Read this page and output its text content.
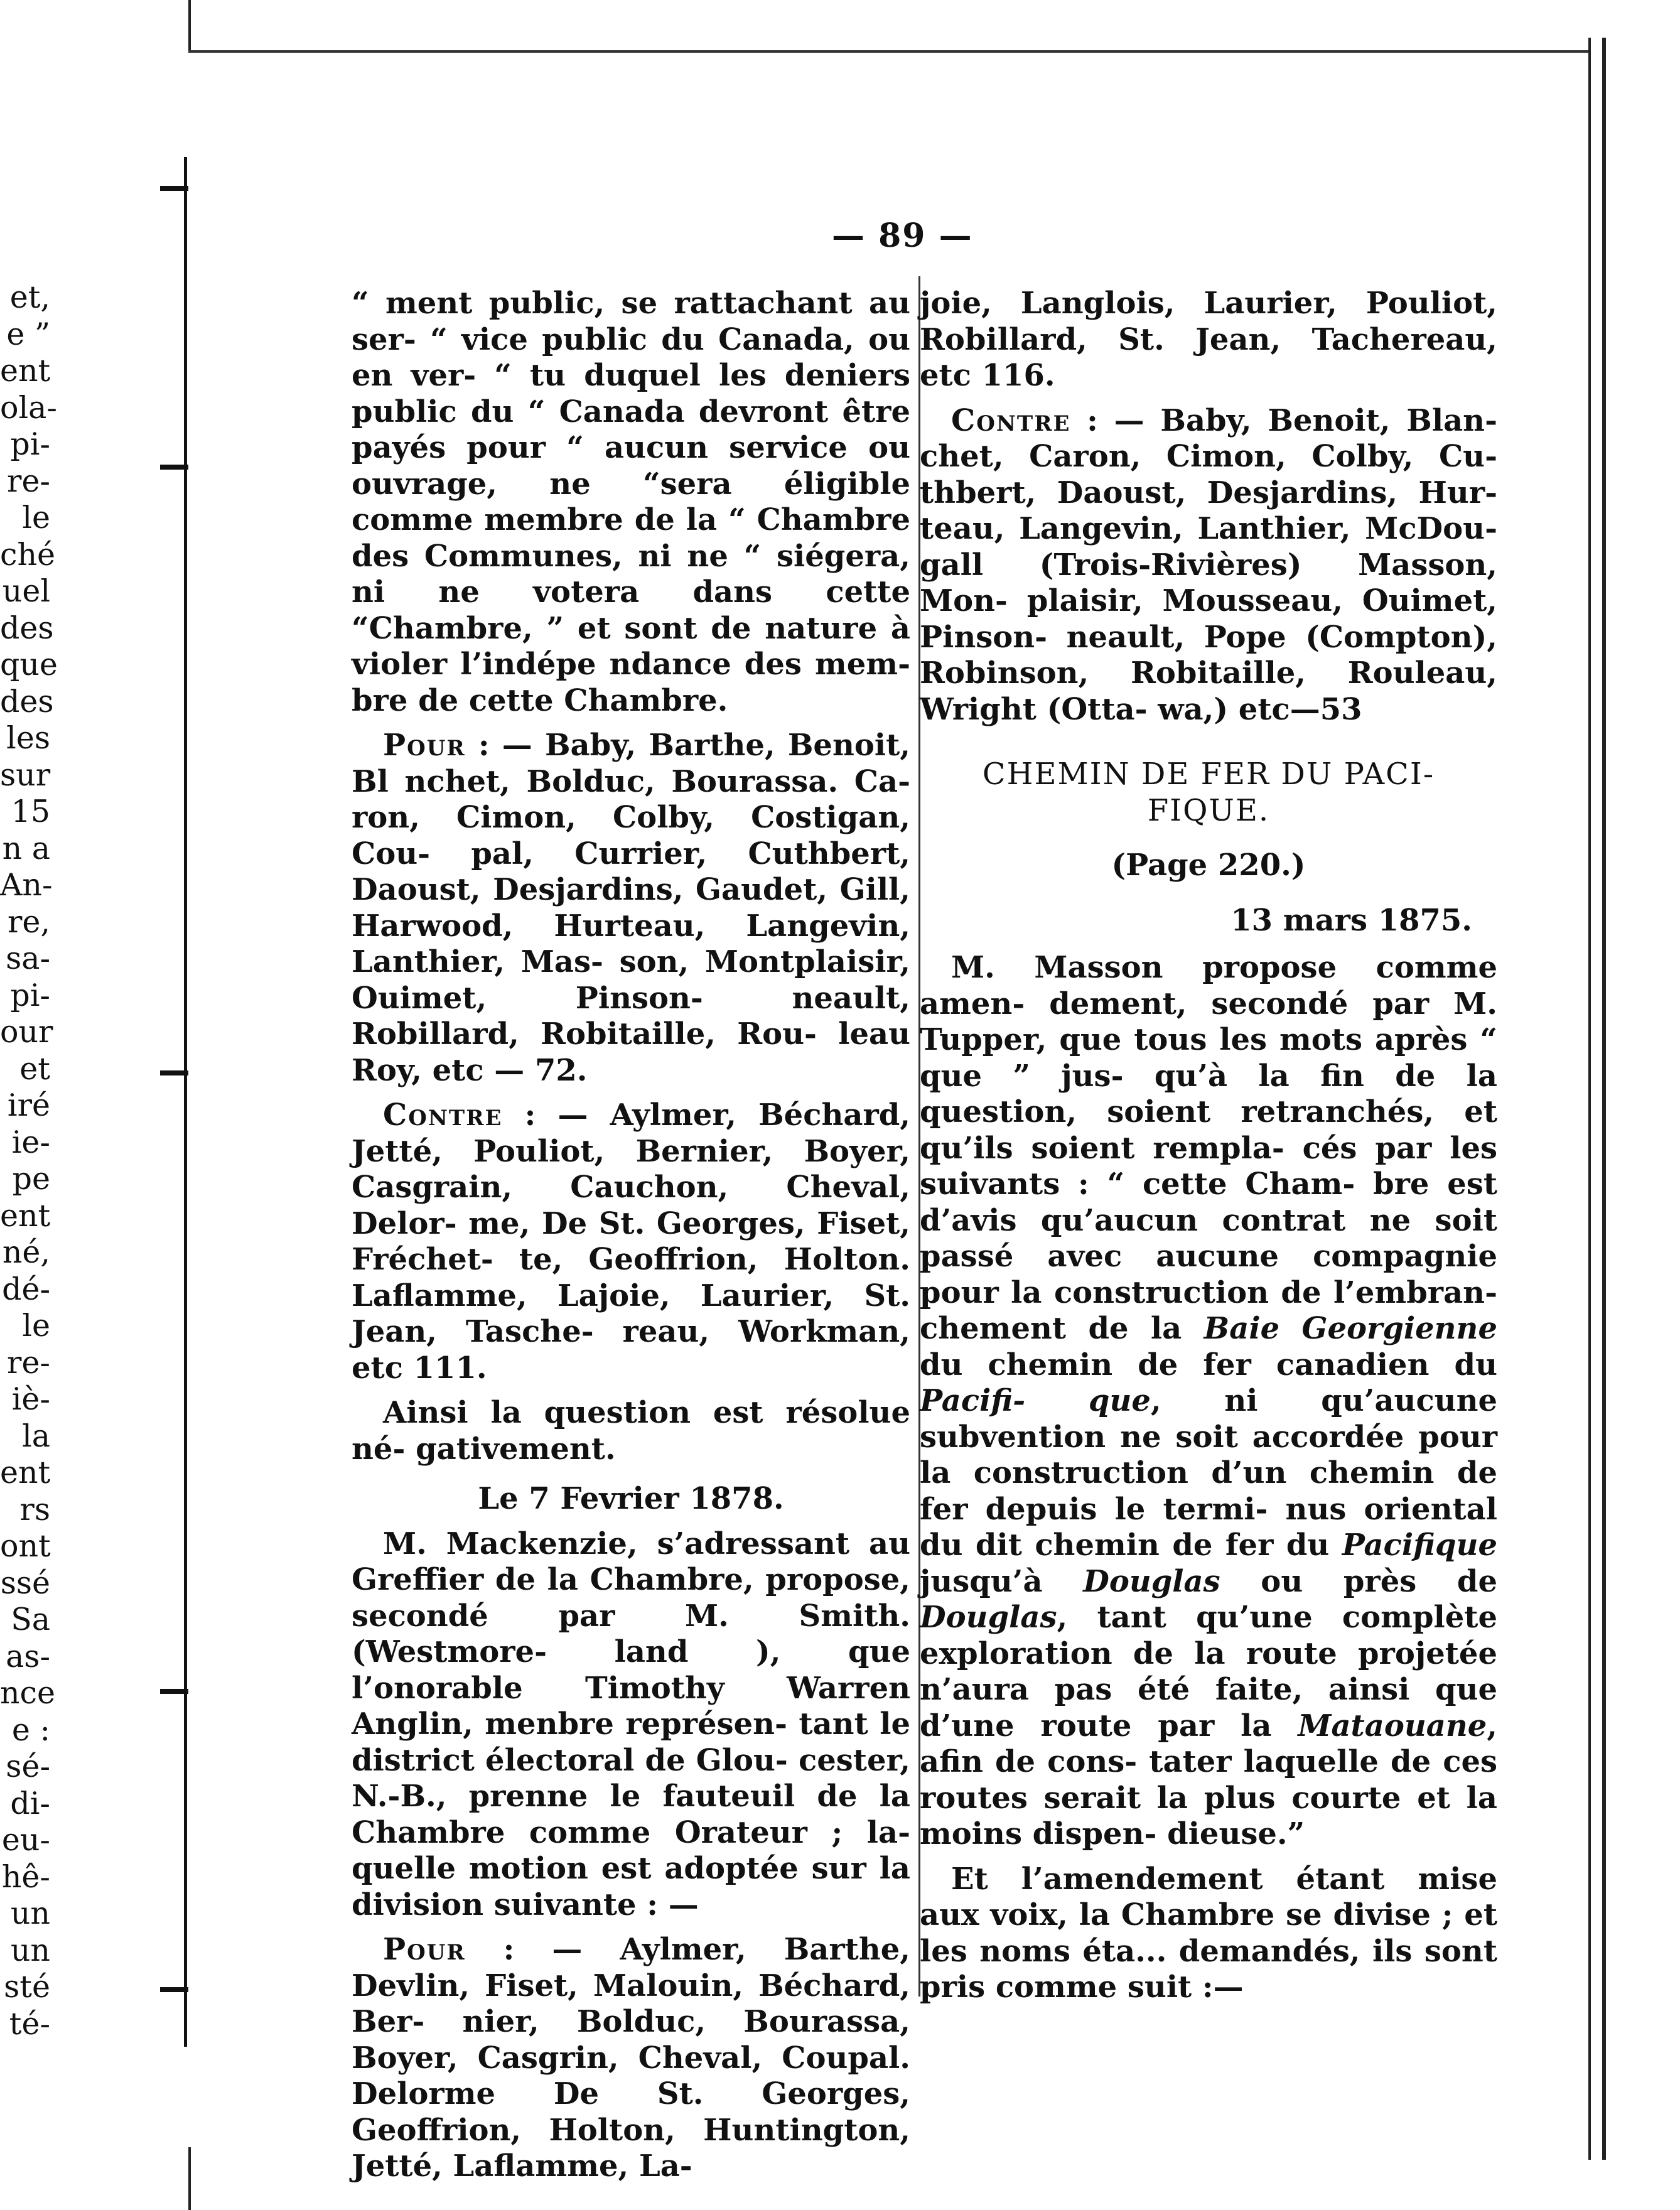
et,
e ”
ent
ola-
pi-
re-
le
ché
uel
des
que
des
les
sur
15
n a
An-
re,
sa-
pi-
our
et
iré
ie-
pe
ent
né,
dé-
le
re-
iè-
la
ent
rs
ont
ssé
Sa
as-
nce
e :
sé-
di-
eu-
hê-
un
un
sté
té-
— 89 —

“ ment public, se rattachant au ser- “ vice public du Canada, ou en ver- “ tu duquel les deniers public du “ Canada devront être payés pour “ aucun service ou ouvrage, ne “sera éligible comme membre de la “ Chambre des Communes, ni ne “ siégera, ni ne votera dans cette “Chambre, ” et sont de nature à violer l’indépe ndance des mem- bre de cette Chambre.

Pour : — Baby, Barthe, Benoit, Bl nchet, Bolduc, Bourassa. Ca- ron, Cimon, Colby, Costigan, Cou- pal, Currier, Cuthbert, Daoust, Desjardins, Gaudet, Gill, Harwood, Hurteau, Langevin, Lanthier, Mas- son, Montplaisir, Ouimet, Pinson- neault, Robillard, Robitaille, Rou- leau Roy, etc — 72.

Contre : — Aylmer, Béchard, Jetté, Pouliot, Bernier, Boyer, Casgrain, Cauchon, Cheval, Delor- me, De St. Georges, Fiset, Fréchet- te, Geoffrion, Holton. Laflamme, Lajoie, Laurier, St. Jean, Tasche- reau, Workman, etc 111.

Ainsi la question est résolue né- gativement.

Le 7 Fevrier 1878.

M. Mackenzie, s’adressant au Greffier de la Chambre, propose, secondé par M. Smith. (Westmore- land ), que l’onorable Timothy Warren Anglin, menbre représen- tant le district électoral de Glou- cester, N.-B., prenne le fauteuil de la Chambre comme Orateur ; la- quelle motion est adoptée sur la division suivante : —

Pour : — Aylmer, Barthe, Devlin, Fiset, Malouin, Béchard, Ber- nier, Bolduc, Bourassa, Boyer, Casgrin, Cheval, Coupal. Delorme De St. Georges, Geoffrion, Holton, Huntington, Jetté, Laflamme, La-

joie, Langlois, Laurier, Pouliot, Robillard, St. Jean, Tachereau, etc 116.

Contre : — Baby, Benoit, Blan- chet, Caron, Cimon, Colby, Cu- thbert, Daoust, Desjardins, Hur- teau, Langevin, Lanthier, McDou- gall (Trois-Rivières) Masson, Mon- plaisir, Mousseau, Ouimet, Pinson- neault, Pope (Compton), Robinson, Robitaille, Rouleau, Wright (Otta- wa,) etc—53

CHEMIN DE FER DU PACI- FIQUE.

(Page 220.)

13 mars 1875.

M. Masson propose comme amen- dement, secondé par M. Tupper, que tous les mots après “ que ” jus- qu’à la fin de la question, soient retranchés, et qu’ils soient rempla- cés par les suivants : “ cette Cham- bre est d’avis qu’aucun contrat ne soit passé avec aucune compagnie pour la construction de l’embran- chement de la Baie Georgienne du chemin de fer canadien du Pacifi- que, ni qu’aucune subvention ne soit accordée pour la construction d’un chemin de fer depuis le termi- nus oriental du dit chemin de fer du Pacifique jusqu’à Douglas ou près de Douglas, tant qu’une complète exploration de la route projetée n’aura pas été faite, ainsi que d’une route par la Mataouane, afin de cons- tater laquelle de ces routes serait la plus courte et la moins dispen- dieuse.”

Et l’amendement étant mise aux voix, la Chambre se divise ; et les noms éta... demandés, ils sont pris comme suit :—
